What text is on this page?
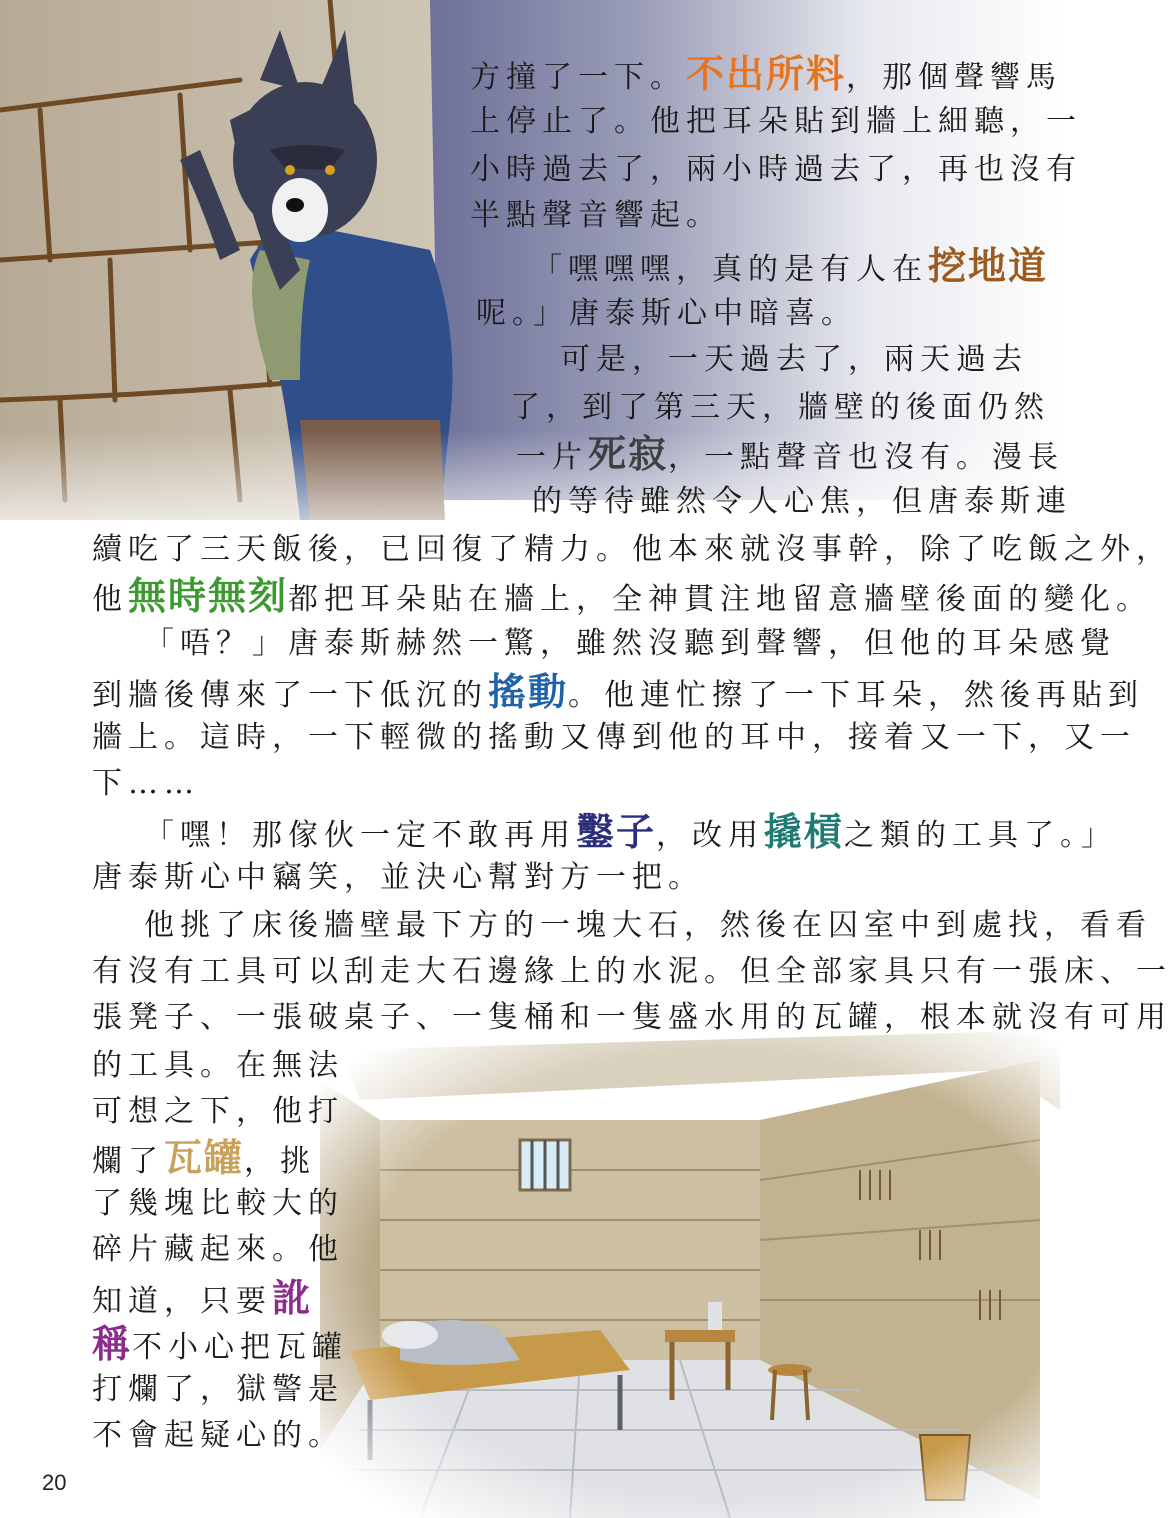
方撞了一下。不出所料，那個聲響馬
上停止了。他把耳朵貼到牆上細聽，一
小時過去了，兩小時過去了，再也沒有
半點聲音響起。
「嘿嘿嘿，真的是有人在挖地道
呢。」唐泰斯心中暗喜。
可是，一天過去了，兩天過去
了，到了第三天，牆壁的後面仍然
一片死寂，一點聲音也沒有。漫長
的等待雖然令人心焦，但唐泰斯連
續吃了三天飯後，已回復了精力。他本來就沒事幹，除了吃飯之外，
他無時無刻都把耳朵貼在牆上，全神貫注地留意牆壁後面的變化。
「唔？」唐泰斯赫然一驚，雖然沒聽到聲響，但他的耳朵感覺
到牆後傳來了一下低沉的搖動。他連忙擦了一下耳朵，然後再貼到
牆上。這時，一下輕微的搖動又傳到他的耳中，接着又一下，又一
下……
「嘿！那傢伙一定不敢再用鑿子，改用撬槓之類的工具了。」
唐泰斯心中竊笑，並決心幫對方一把。
他挑了床後牆壁最下方的一塊大石，然後在囚室中到處找，看看
有沒有工具可以刮走大石邊緣上的水泥。但全部家具只有一張床、一
張凳子、一張破桌子、一隻桶和一隻盛水用的瓦罐，根本就沒有可用
的工具。在無法
可想之下，他打
爛了瓦罐，挑
了幾塊比較大的
碎片藏起來。他
知道，只要訛
稱不小心把瓦罐
打爛了，獄警是
不會起疑心的。
20
